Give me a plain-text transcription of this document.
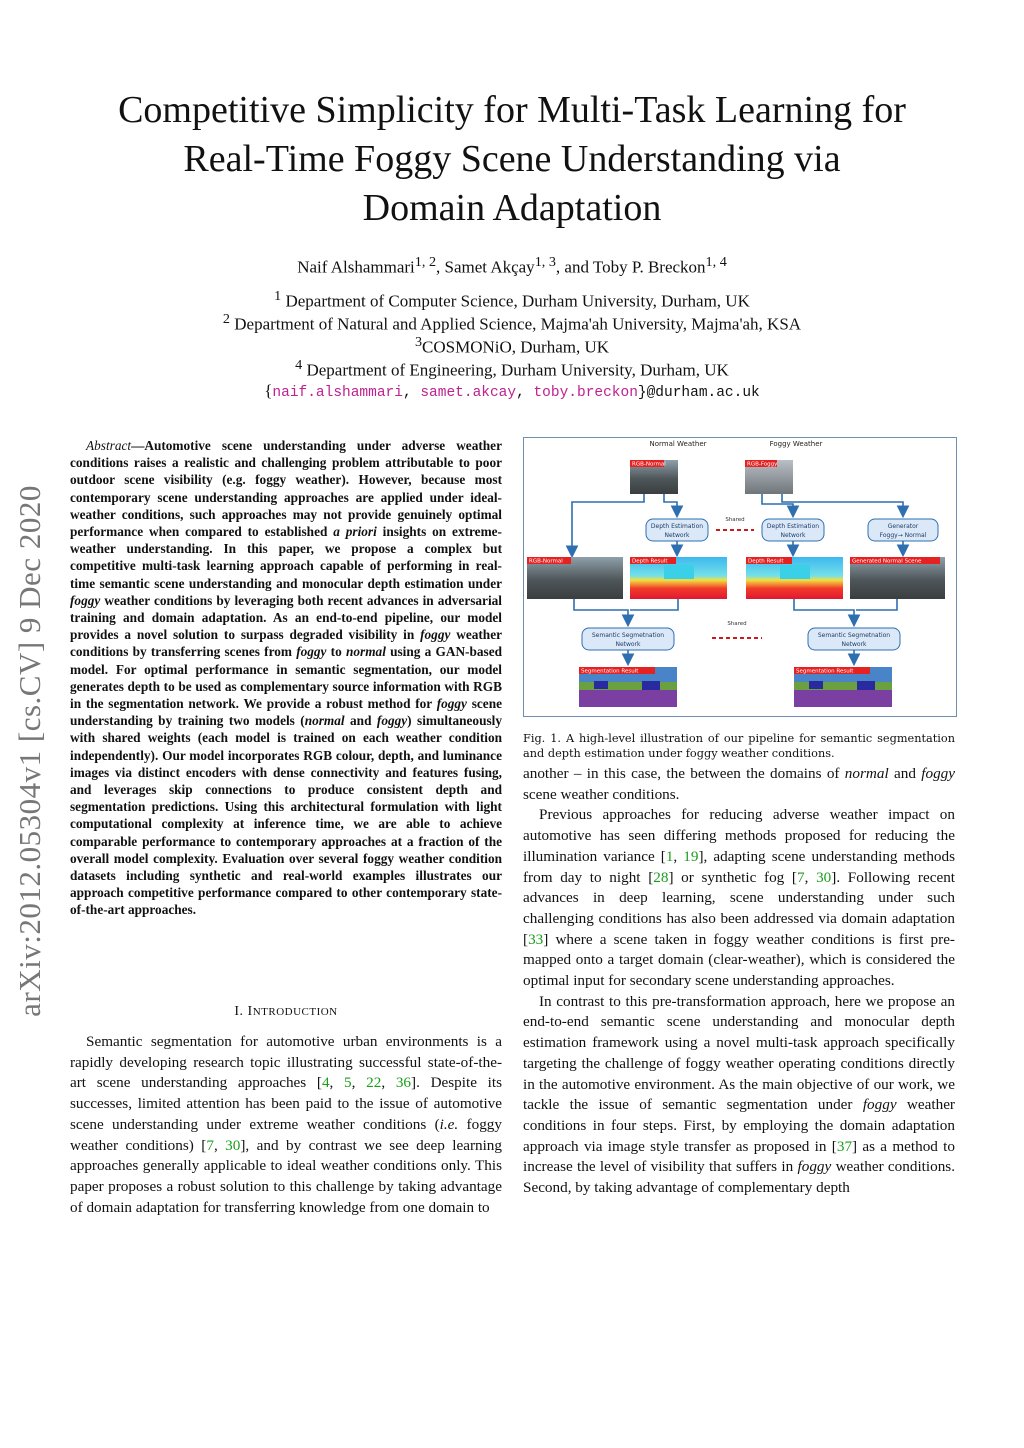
Competitive Simplicity for Multi-Task Learning for
Real-Time Foggy Scene Understanding via
Domain Adaptation
Naif Alshammari$^{1, 2}$, Samet Akçay$^{1, 3}$, and Toby P. Breckon$^{1, 4}$
$^1$ Department of Computer Science, Durham University, Durham, UK
$^2$ Department of Natural and Applied Science, Majma'ah University, Majma'ah, KSA
$^3$COSMONiO, Durham, UK
$^4$ Department of Engineering, Durham University, Durham, UK
{naif.alshammari, samet.akcay, toby.breckon}@durham.ac.uk
arXiv:2012.05304v1 [cs.CV] 9 Dec 2020

Abstract—Automotive scene understanding under adverse weather conditions raises a realistic and challenging problem attributable to poor outdoor scene visibility (e.g. foggy weather). However, because most contemporary scene understanding approaches are applied under ideal-weather conditions, such approaches may not provide genuinely optimal performance when compared to established a priori insights on extreme-weather understanding. In this paper, we propose a complex but competitive multi-task learning approach capable of performing in real-time semantic scene understanding and monocular depth estimation under foggy weather conditions by leveraging both recent advances in adversarial training and domain adaptation. As an end-to-end pipeline, our model provides a novel solution to surpass degraded visibility in foggy weather conditions by transferring scenes from foggy to normal using a GAN-based model. For optimal performance in semantic segmentation, our model generates depth to be used as complementary source information with RGB in the segmentation network. We provide a robust method for foggy scene understanding by training two models (normal and foggy) simultaneously with shared weights (each model is trained on each weather condition independently). Our model incorporates RGB colour, depth, and luminance images via distinct encoders with dense connectivity and features fusing, and leverages skip connections to produce consistent depth and segmentation predictions. Using this architectural formulation with light computational complexity at inference time, we are able to achieve comparable performance to contemporary approaches at a fraction of the overall model complexity. Evaluation over several foggy weather condition datasets including synthetic and real-world examples illustrates our approach competitive performance compared to other contemporary state-of-the-art approaches.

I. INTRODUCTION

Semantic segmentation for automotive urban environments is a rapidly developing research topic illustrating successful state-of-the-art scene understanding approaches [4, 5, 22, 36]. Despite its successes, limited attention has been paid to the issue of automotive scene understanding under extreme weather conditions (i.e. foggy weather conditions) [7, 30], and by contrast we see deep learning approaches generally applicable to ideal weather conditions only. This paper proposes a robust solution to this challenge by taking advantage of domain adaptation for transferring knowledge from one domain to

Normal Weather	Foggy Weather
RGB-Normal	RGB-Foggy
Depth Estimation
Network
Depth Estimation
Network
Shared
Generator
Foggy→ Normal
RGB-Normal	Depth Result	Depth Result	Generated Normal Scene
Semantic Segmetnation
Network
Semantic Segmetnation
Network
Shared
Segmentation Result	Segmentation Result
Fig. 1. A high-level illustration of our pipeline for semantic segmentation and depth estimation under foggy weather conditions.

another – in this case, the between the domains of normal and foggy scene weather conditions.

Previous approaches for reducing adverse weather impact on automotive has seen differing methods proposed for reducing the illumination variance [1, 19], adapting scene understanding methods from day to night [28] or synthetic fog [7, 30]. Following recent advances in deep learning, scene understanding under such challenging conditions has also been addressed via domain adaptation [33] where a scene taken in foggy weather conditions is first pre-mapped onto a target domain (clear-weather), which is considered the optimal input for secondary scene understanding approaches.

In contrast to this pre-transformation approach, here we propose an end-to-end semantic scene understanding and monocular depth estimation framework using a novel multi-task approach specifically targeting the challenge of foggy weather operating conditions directly in the automotive environment. As the main objective of our work, we tackle the issue of semantic segmentation under foggy weather conditions in four steps. First, by employing the domain adaptation approach via image style transfer as proposed in [37] as a method to increase the level of visibility that suffers in foggy weather conditions. Second, by taking advantage of complementary depth
